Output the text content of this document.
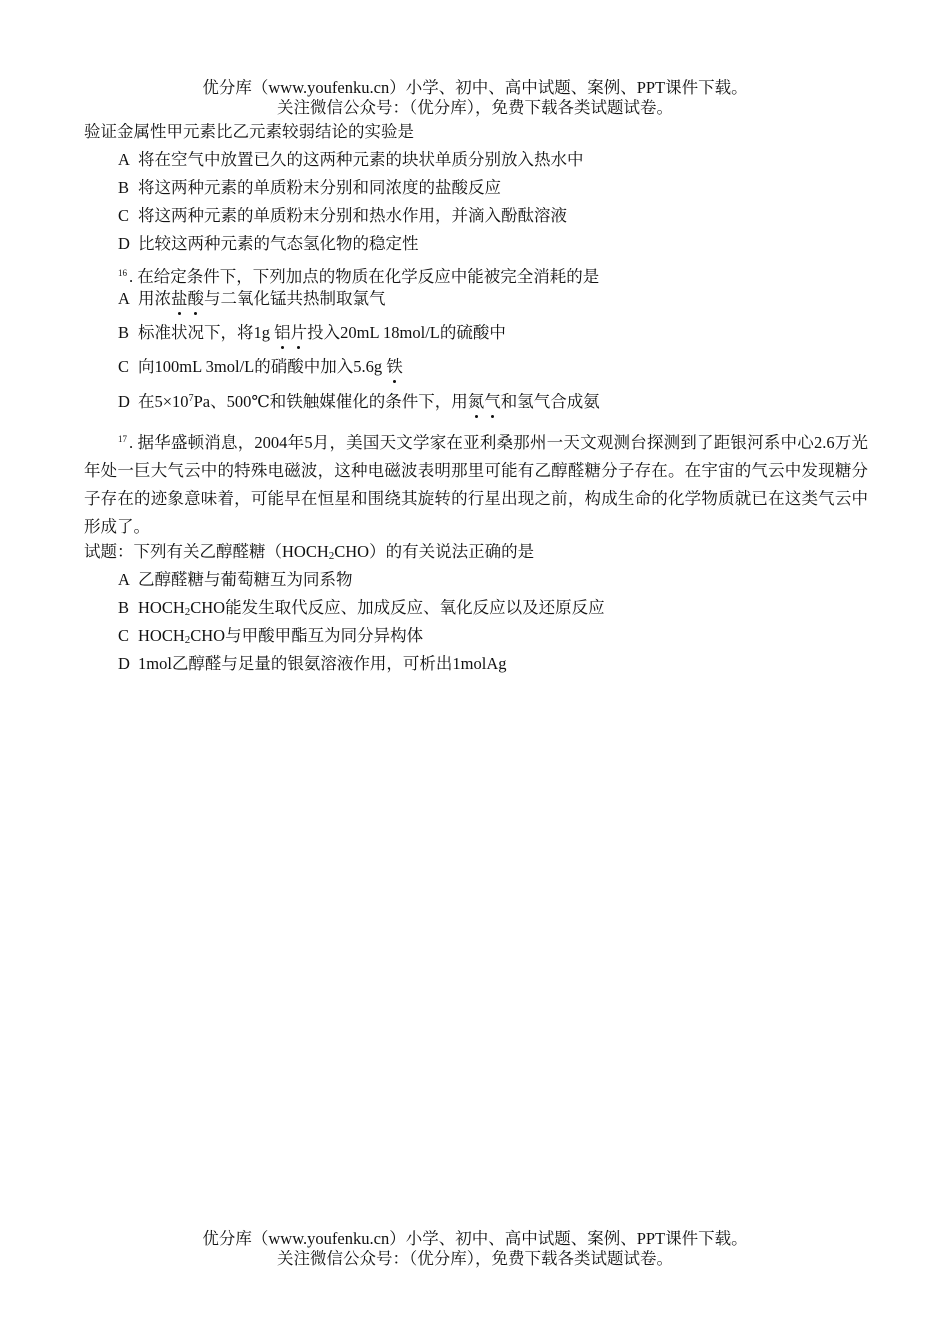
优分库（www.youfenku.cn）小学、初中、高中试题、案例、PPT课件下载。
关注微信公众号：（优分库），免费下载各类试题试卷。
验证金属性甲元素比乙元素较弱结论的实验是
A 将在空气中放置已久的这两种元素的块状单质分别放入热水中
B 将这两种元素的单质粉末分别和同浓度的盐酸反应
C 将这两种元素的单质粉末分别和热水作用，并滴入酚酞溶液
D 比较这两种元素的气态氢化物的稳定性
$^{16}$ . 在给定条件下，下列加点的物质在化学反应中能被完全消耗的是
A 用浓盐酸与二氧化锰共热制取氯气
B 标准状况下，将1g 铝片投入20mL 18mol/L的硫酸中
C 向100mL 3mol/L的硝酸中加入5.6g 铁
D 在$5\times 10^7Pa$、500℃和铁触媒催化的条件下，用氮气和氢气合成氨
$^{17}$ . 据华盛顿消息，2004年5月，美国天文学家在亚利桑那州一天文观测台探测到了距银河系中心2.6万光年处一巨大气云中的特殊电磁波，这种电磁波表明那里可能有乙醇醛糖分子存在。在宇宙的气云中发现糖分子存在的迹象意味着，可能早在恒星和围绕其旋转的行星出现之前，构成生命的化学物质就已在这类气云中形成了。
试题：下列有关乙醇醛糖$(HOCH_2CHO)$的有关说法正确的是
A 乙醇醛糖与葡萄糖互为同系物
B $HOCH_2CHO$能发生取代反应、加成反应、氧化反应以及还原反应
C $HOCH_2CHO$与甲酸甲酯互为同分异构体
D 1mol乙醇醛与足量的银氨溶液作用，可析出1molAg
优分库（www.youfenku.cn）小学、初中、高中试题、案例、PPT课件下载。
关注微信公众号：（优分库），免费下载各类试题试卷。
